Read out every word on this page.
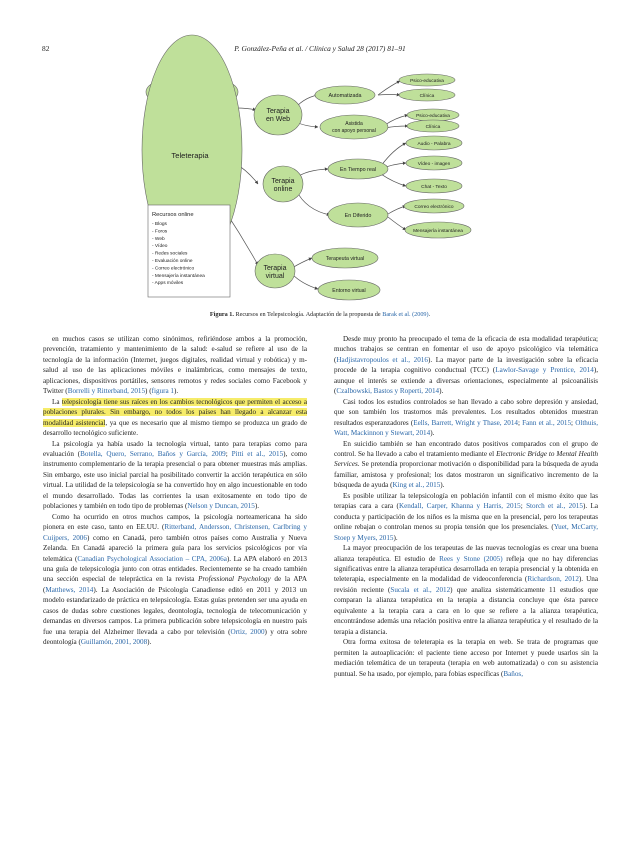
82	P. González-Peña et al. / Clínica y Salud 28 (2017) 81–91
Teleterapia
Recursos online
- Blogs
- Foros
- Web
- Vídeo
- Redes sociales
- Evaluación online
- Correo electrónico
- Mensajería instantánea
- Apps móviles
Terapia
en Web
Terapia
online
Terapia
virtual
Automatizada
Asistida
con apoyo personal
Psico-educativa
Clínica
Psico-educativa
Clínica
En Tiempo real
En Diferido
Audio - Palabra
Vídeo - imagen
Chat - Texto
Correo electrónico
Mensajería instantánea
Terapeuta virtual
Entorno virtual
Figura 1. Recursos en Telepsicología. Adaptación de la propuesta de Barak et al. (2009).

en muchos casos se utilizan como sinónimos, refiriéndose ambos a la promoción, prevención, tratamiento y mantenimiento de la salud: e-salud se refiere al uso de la tecnología de la información (Internet, juegos digitales, realidad virtual y robótica) y m-salud al uso de las aplicaciones móviles e inalámbricas, como mensajes de texto, aplicaciones, dispositivos portátiles, sensores remotos y redes sociales como Facebook y Twitter (Borrelli y Ritterband, 2015) (figura 1).

La telepsicología tiene sus raíces en los cambios tecnológicos que permiten el acceso a poblaciones plurales. Sin embargo, no todos los países han llegado a alcanzar esta modalidad asistencial, ya que es necesario que al mismo tiempo se produzca un grado de desarrollo tecnológico suficiente.

La psicología ya había usado la tecnología virtual, tanto para terapias como para evaluación (Botella, Quero, Serrano, Baños y García, 2009; Pitti et al., 2015), como instrumento complementario de la terapia presencial o para obtener muestras más amplias. Sin embargo, este uso inicial parcial ha posibilitado convertir la acción terapéutica en sólo virtual. La utilidad de la telepsicología se ha convertido hoy en algo incuestionable en todo el mundo desarrollado. Todas las corrientes la usan exitosamente en todo tipo de poblaciones y también en todo tipo de problemas (Nelson y Duncan, 2015).

Como ha ocurrido en otros muchos campos, la psicología norteamericana ha sido pionera en este caso, tanto en EE.UU. (Ritterband, Andersson, Christensen, Carlbring y Cuijpers, 2006) como en Canadá, pero también otros países como Australia y Nueva Zelanda. En Canadá apareció la primera guía para los servicios psicológicos por vía telemática (Canadian Psychological Association – CPA, 2006a). La APA elaboró en 2013 una guía de telepsicología junto con otras entidades. Recientemente se ha creado también una sección especial de telepráctica en la revista Professional Psychology de la APA (Matthews, 2014). La Asociación de Psicología Canadiense editó en 2011 y 2013 un modelo estandarizado de práctica en telepsicología. Estas guías pretenden ser una ayuda en casos de dudas sobre cuestiones legales, deontología, tecnología de telecomunicación y demandas en diversos campos. La primera publicación sobre telepsicología en nuestro país fue una terapia del Alzheimer llevada a cabo por televisión (Ortiz, 2000) y otra sobre deontología (Guillamón, 2001, 2008).

Desde muy pronto ha preocupado el tema de la eficacia de esta modalidad terapéutica; muchos trabajos se centran en fomentar el uso de apoyo psicológico vía telemática (Hadjistavropoulos et al., 2016). La mayor parte de la investigación sobre la eficacia procede de la terapia cognitivo conductual (TCC) (Lawlor-Savage y Prentice, 2014), aunque el interés se extiende a diversas orientaciones, especialmente al psicoanálisis (Czalbowski, Bastos y Roperti, 2014).

Casi todos los estudios controlados se han llevado a cabo sobre depresión y ansiedad, que son también los trastornos más prevalentes. Los resultados obtenidos muestran resultados esperanzadores (Eells, Barrett, Wright y Thase, 2014; Fann et al., 2015; Olthuis, Watt, Mackinnon y Stewart, 2014).

En suicidio también se han encontrado datos positivos comparados con el grupo de control. Se ha llevado a cabo el tratamiento mediante el Electronic Bridge to Mental Health Services. Se pretendía proporcionar motivación o disponibilidad para la búsqueda de ayuda familiar, amistosa y profesional; los datos mostraron un significativo incremento de la búsqueda de ayuda (King et al., 2015).

Es posible utilizar la telepsicología en población infantil con el mismo éxito que las terapias cara a cara (Kendall, Carper, Khanna y Harris, 2015; Storch et al., 2015). La conducta y participación de los niños es la misma que en la presencial, pero los terapeutas online rebajan o controlan menos su propia tensión que los presenciales. (Yuet, McCarty, Stoep y Myers, 2015).

La mayor preocupación de los terapeutas de las nuevas tecnologías es crear una buena alianza terapéutica. El estudio de Rees y Stone (2005) refleja que no hay diferencias significativas entre la alianza terapéutica desarrollada en terapia presencial y la obtenida en teleterapia, especialmente en la modalidad de videoconferencia (Richardson, 2012). Una revisión reciente (Sucala et al., 2012) que analiza sistemáticamente 11 estudios que comparan la alianza terapéutica en la terapia a distancia concluye que ésta parece equivalente a la terapia cara a cara en lo que se refiere a la alianza terapéutica, encontrándose además una relación positiva entre la alianza terapéutica y el resultado de la terapia a distancia.

Otra forma exitosa de teleterapia es la terapia en web. Se trata de programas que permiten la autoaplicación: el paciente tiene acceso por Internet y puede usarlos sin la mediación telemática de un terapeuta (terapia en web automatizada) o con su asistencia puntual. Se ha usado, por ejemplo, para fobias específicas (Baños,
